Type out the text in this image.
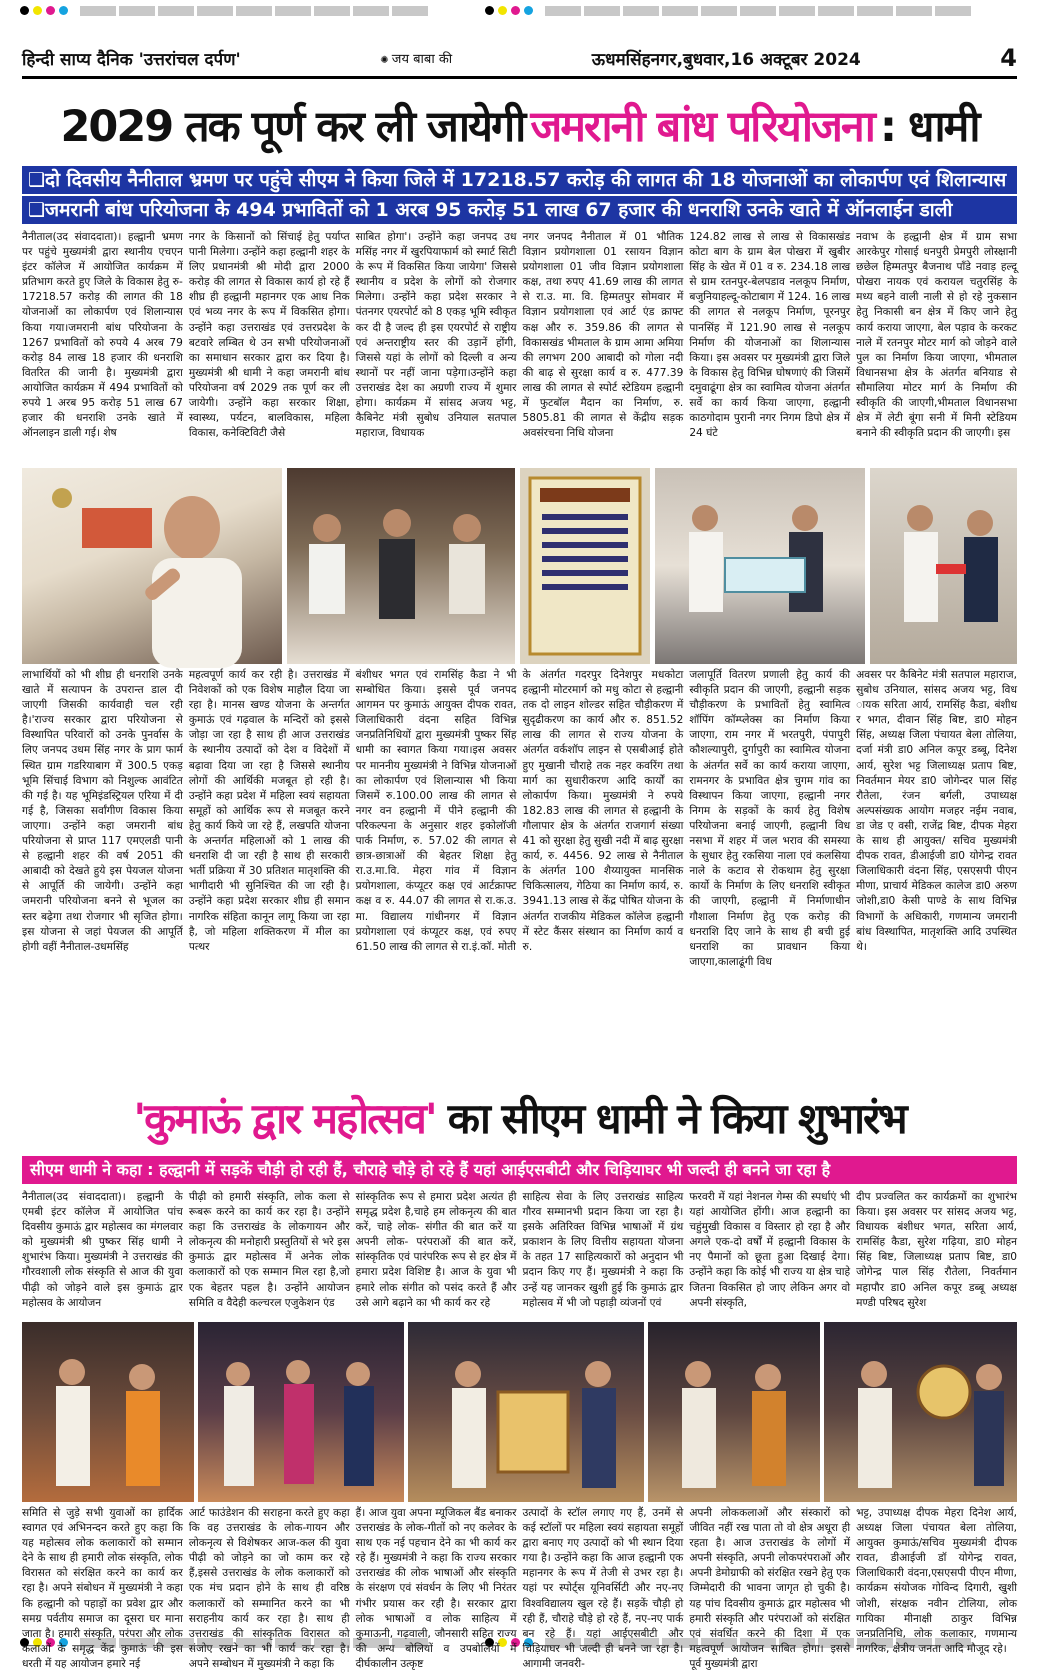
हिन्दी साप्य दैनिक 'उत्तरांचल दर्पण'	✺ जय बाबा की	ऊधमसिंहनगर,बुधवार,16 अक्टूबर 2024	4
2029 तक पूर्ण कर ली जायेगी जमरानी बांध परियोजना : धामी
❑दो दिवसीय नैनीताल भ्रमण पर पहुंचे सीएम ने किया जिले में 17218.57 करोड़ की लागत की 18 योजनाओं का लोकार्पण एवं शिलान्यास
❑जमरानी बांध परियोजना के 494 प्रभावितों को 1 अरब 95 करोड़ 51 लाख 67 हजार की धनराशि उनके खाते में ऑनलाईन डाली
नैनीताल(उद संवाददाता)। हल्द्वानी भ्रमण पर पहुंचे मुख्यमंत्री द्वारा स्थानीय एचएन इंटर कॉलेज में आयोजित कार्यक्रम में प्रतिभाग करते हुए जिले के विकास हेतु रु- 17218.57 करोड़ की लागत की 18 योजनाओं का लोकार्पण एवं शिलान्यास किया गया।जमरानी बांध परियोजना के 1267 प्रभावितों को रुपये 4 अरब 79 करोड़ 84 लाख 18 हजार की धनराशि वितरित की जानी है। मुख्यमंत्री द्वारा आयोजित कार्यक्रम में 494 प्रभावितों को रुपये 1 अरब 95 करोड़ 51 लाख 67 हजार की धनराशि उनके खाते में ऑनलाइन डाली गई। शेष
नगर के किसानों को सिंचाई हेतु पर्याप्त पानी मिलेगा। उन्होंने कहा हल्द्वानी शहर के लिए प्रधानमंत्री श्री मोदी द्वारा 2000 करोड़ की लागत से विकास कार्य हो रहे हैं शीघ्र ही हल्द्वानी महानगर एक आध निक एवं भव्य नगर के रूप में विकसित होगा। उन्होंने कहा उत्तराखंड एवं उत्तरप्रदेश के बटवारे लम्बित थे उन सभी परियोजनाओं का समाधान सरकार द्वारा कर दिया है। मुख्यमंत्री श्री धामी ने कहा जमरानी बांध परियोजना वर्ष 2029 तक पूर्ण कर ली जायेगी। उन्होंने कहा सरकार शिक्षा, स्वास्थ्य, पर्यटन, बालविकास, महिला विकास, कनेक्टिविटी जैसे
साबित होगा'। उन्होंने कहा जनपद उध मसिंह नगर में खुरपियाफार्म को स्मार्ट सिटी के रूप में विकसित किया जायेगा' जिससे स्थानीय व प्रदेश के लोगों को रोजगार मिलेगा। उन्होंने कहा प्रदेश सरकार ने पंतनगर एयरपोर्ट को 8 एकड़ भूमि स्वीकृत कर दी है जल्द ही इस एयरपोर्ट से राष्ट्रीय एवं अन्तराष्ट्रीय स्तर की उड़ानें होंगी, जिससे यहां के लोगों को दिल्ली व अन्य स्थानों पर नहीं जाना पड़ेगा।उन्होंने कहा उत्तराखंड देश का अग्रणी राज्य में शुमार होगा। कार्यक्रम में सांसद अजय भट्ट, कैबिनेट मंत्री सुबोध उनियाल सतपाल महाराज, विधायक
नगर जनपद नैनीताल में 01 भौतिक विज्ञान प्रयोगशाला 01 रसायन विज्ञान प्रयोगशाला 01 जीव विज्ञान प्रयोगशाला कक्ष, तथा रुपए 41.69 लाख की लागत से रा.उ. मा. वि. हिम्मतपुर सोमवार में विज्ञान प्रयोगशाला एवं आर्ट एंड क्राफ्ट कक्ष और रु. 359.86 की लागत से विकासखंड भीमताल के ग्राम आमा अमिया की लगभग 200 आबादी को गोला नदी की बाढ़ से सुरक्षा कार्य व रु. 477.39 लाख की लागत से स्पोर्ट स्टेडियम हल्द्वानी में फुटबॉल मैदान का निर्माण, रु. 5805.81 की लागत से केंद्रीय सड़क अवसंरचना निधि योजना
124.82 लाख से लाख से विकासखंड कोटा बाग के ग्राम बेल पोखरा में खुबीर सिंह के खेत में 01 व रु. 234.18 लाख से ग्राम रतनपुर-बेलपडाव नलकूप निर्माण, बजुनियाहल्दू-कोटाबाग में 124. 16 लाख की लागत से नलकूप निर्माण, पूरनपुर पानसिंह में 121.90 लाख से नलकूप निर्माण की योजनाओं का शिलान्यास किया। इस अवसर पर मुख्यमंत्री द्वारा जिले के विकास हेतु विभिन्न घोषणाएं की जिसमें दमुवाढूंगा क्षेत्र का स्वामित्व योजना अंतर्गत सर्वे का कार्य किया जाएगा, हल्द्वानी काठगोदाम पुरानी नगर निगम डिपो क्षेत्र में 24 घंटे
नवाभ के हल्द्वानी क्षेत्र में ग्राम सभा आरकेपुर गोसाई धनपुरी प्रेमपुरी लोस्क्षानी छछेल हिम्मतपुर बैजनाथ पाँडे नवाड़ हल्दू पोखरा नायक एवं करायल चतुरसिंह के मध्य बहने वाली नाली से हो रहे नुकसान हेतु निकासी बन क्षेत्र में किए जाने हेतु कार्य कराया जाएगा, बेल पड़ाव के करकट नाले में रतनपुर मोटर मार्ग को जोड़ने वाले पुल का निर्माण किया जाएगा, भीमताल विधानसभा क्षेत्र के अंतर्गत बनियाड से सौमालिया मोटर मार्ग के निर्माण की स्वीकृति की जाएगी,भीमताल विधानसभा क्षेत्र में लेटी बूंगा सनी में मिनी स्टेडियम बनाने की स्वीकृति प्रदान की जाएगी। इस
लाभार्थियों को भी शीघ्र ही धनराशि उनके खाते में सत्यापन के उपरान्त डाल दी जाएगी जिसकी कार्यवाही चल रही है।'राज्य सरकार द्वारा परियोजना से विस्थापित परिवारों को उनके पुनर्वास के लिए जनपद उधम सिंह नगर के प्राग फार्म स्थित ग्राम गडरियाबाग में 300.5 एकड़ भूमि सिंचाई विभाग को निशुल्क आवंटित की गई है। यह भूमिइंडस्ट्रियल एरिया में दी गई है, जिसका सर्वांगीण विकास किया जाएगा। उन्होंने कहा जमरानी बांध परियोजना से प्राप्त 117 एमएलडी पानी से हल्द्वानी शहर की वर्ष 2051 की आबादी को देखते हुये इस पेयजल योजना से आपूर्ति की जायेगी। उन्होंने कहा जमरानी परियोजना बनने से भूजल का स्तर बढ़ेगा तथा रोजगार भी सृजित होगा। इस योजना से जहां पेयजल की आपूर्ति होगी वहीं नैनीताल-उधमसिंह
महत्वपूर्ण कार्य कर रही है। उत्तराखंड में निवेशकों को एक विशेष माहौल दिया जा रहा है। मानस खण्ड योजना के अन्तर्गत कुमाऊं एवं गढ़वाल के मन्दिरों को इससे जोड़ा जा रहा है साथ ही आज उत्तराखंड के स्थानीय उत्पादों को देश व विदेशों में बढ़ावा दिया जा रहा है जिससे स्थानीय लोगों की आर्थिकी मजबूत हो रही है। उन्होंने कहा प्रदेश में महिला स्वयं सहायता समूहों को आर्थिक रूप से मजबूत करने हेतु कार्य किये जा रहे हैं, लखपति योजना के अन्तर्गत महिलाओं को 1 लाख की धनराशि दी जा रही है साथ ही सरकारी भर्ती प्रक्रिया में 30 प्रतिशत मातृशक्ति की भागीदारी भी सुनिश्चित की जा रही है। उन्होंने कहा प्रदेश सरकार शीघ्र ही समान नागरिक संहिता कानून लागू किया जा रहा है, जो महिला शक्तिकरण में मील का पत्थर
बंशीधर भगत एवं रामसिंह कैडा ने भी सम्बोधित किया। इससे पूर्व जनपद आगमन पर कुमाऊं आयुक्त दीपक रावत, जिलाधिकारी वंदना सहित विभिन्न जनप्रतिनिधियों द्वारा मुख्यमंत्री पुष्कर सिंह धामी का स्वागत किया गया।इस अवसर पर माननीय मुख्यमंत्री ने विभिन्न योजनाओं का लोकार्पण एवं शिलान्यास भी किया जिसमें रु.100.00 लाख की लागत से नगर वन हल्द्वानी में पीने हल्द्वानी की परिकल्पना के अनुसार शहर इकोलॉजी पार्क निर्माण, रु. 57.02 की लागत से छात्र-छात्राओं की बेहतर शिक्षा हेतु रा.उ.मा.वि. मेहरा गांव में विज्ञान प्रयोगशाला, कंप्यूटर कक्ष एवं आर्टक्राफ्ट कक्ष व रु. 44.07 की लागत से रा.क.उ. मा. विद्यालय गांधीनगर में विज्ञान प्रयोगशाला एवं कंप्यूटर कक्ष, एवं रुपए 61.50 लाख की लागत से रा.इं.कॉ. मोती
के अंतर्गत गदरपुर दिनेशपुर मधकोटा हल्द्वानी मोटरमार्ग को मधु कोटा से हल्द्वानी तक दो लाइन शोल्डर सहित चौड़ीकरण में सुदृढीकरण का कार्य और रु. 851.52 लाख की लागत से राज्य योजना के अंतर्गत वर्कशॉप लाइन से एसबीआई होते हुए मुखानी चौराहे तक नहर कवरिंग तथा मार्ग का सुधारीकरण आदि कार्यों का लोकार्पण किया। मुख्यमंत्री ने रुपये 182.83 लाख की लागत से हल्द्वानी के गौलापार क्षेत्र के अंतर्गत राजगार्ग संख्या 41 को सुरक्षा हेतु सुखी नदी में बाढ़ सुरक्षा कार्य, रु. 4456. 92 लाख से नैनीताल के अंतर्गत 100 शैय्यायुक्त मानसिक चिकित्सालय, गेठिया का निर्माण कार्य, रु. 3941.13 लाख से केंद्र पोषित योजना के अंतर्गत राजकीय मेडिकल कॉलेज हल्द्वानी में स्टेट कैंसर संस्थान का निर्माण कार्य व रु.
जलापूर्ति वितरण प्रणाली हेतु कार्य की स्वीकृति प्रदान की जाएगी, हल्द्वानी सड़क चौड़ीकरण के प्रभावितों हेतु स्वामित्व शॉपिंग कॉम्प्लेक्स का निर्माण किया जाएगा, राम नगर में भरतपुरी, पंपापुरी कौशल्यापुरी, दुर्गापुरी का स्वामित्व योजना के अंतर्गत सर्वे का कार्य कराया जाएगा, रामनगर के प्रभावित क्षेत्र चुगम गांव का विस्थापन किया जाएगा, हल्द्वानी नगर निगम के सड़कों के कार्य हेतु विशेष परियोजना बनाई जाएगी, हल्द्वानी विध नसभा में शहर में जल भराव की समस्या के सुधार हेतु रकसिया नाला एवं कलसिया नाले के कटाव से रोकथाम हेतु सुरक्षा कार्यो के निर्माण के लिए धनराशि स्वीकृत की जाएगी, हल्द्वानी में निर्माणाधीन गौशाला निर्माण हेतु एक करोड़ की धनराशि दिए जाने के साथ ही बची हुई धनराशि का प्रावधान किया जाएगा,कालाढूंगी विध
अवसर पर कैबिनेट मंत्री सतपाल महाराज, सुबोध उनियाल, सांसद अजय भट्ट, विध ायक सरिता आर्य, रामसिंह कैडा, बंशीध र भगत, दीवान सिंह बिष्ट, डा0 मोहन सिंह, अध्यक्ष जिला पंचायत बेला तोलिया, दर्जा मंत्री डा0 अनिल कपूर डब्बू, दिनेश आर्य, सुरेश भट्ट जिलाध्यक्ष प्रताप बिष्ट, निवर्तमान मेयर डा0 जोगेन्दर पाल सिंह रौतेला, रंजन बर्गली, उपाध्यक्ष अल्पसंख्यक आयोग मजहर नईम नवाब, डा जेड ए वसी, राजेंद्र बिष्ट, दीपक मेहरा के साथ ही आयुक्त/ सचिव मुख्यमंत्री दीपक रावत, डीआईजी डा0 योगेन्द्र रावत जिलाधिकारी वंदना सिंह, एसएसपी पीएन मीणा, प्राचार्य मेडिकल कालेज डा0 अरुण जोशी,डा0 केसी पाण्डे के साथ विभिन्न विभागों के अधिकारी, गणमान्य जमरानी बांध विस्थापित, मातृशक्ति आदि उपस्थित थे।
'कुमाऊं द्वार महोत्सव' का सीएम धामी ने किया शुभारंभ
सीएम धामी ने कहा : हल्द्वानी में सड़कें चौड़ी हो रही हैं, चौराहे चौड़े हो रहे हैं यहां आईएसबीटी और चिड़ियाघर भी जल्दी ही बनने जा रहा है
नैनीताल(उद संवाददाता)। हल्द्वानी के एमबी इंटर कॉलेज में आयोजित पांच दिवसीय कुमाऊं द्वार महोत्सव का मंगलवार को मुख्यमंत्री श्री पुष्कर सिंह धामी ने शुभारंभ किया। मुख्यमंत्री ने उत्तराखंड की गौरवशाली लोक संस्कृति से आज की युवा पीढ़ी को जोड़ने वाले इस कुमाऊं द्वार महोत्सव के आयोजन
पीढ़ी को हमारी संस्कृति, लोक कला से रूबरू करने का कार्य कर रहा है। उन्होंने कहा कि उत्तराखंड के लोकगायन और लोकनृत्य की मनोहारी प्रस्तुतियों से भरे इस कुमाऊं द्वार महोत्सव में अनेक लोक कलाकारों को एक सम्मान मिल रहा है,जो एक बेहतर पहल है। उन्होंने आयोजन समिति व वैदेही कल्चरल एजुकेशन एंड
सांस्कृतिक रूप से हमारा प्रदेश अत्यंत ही समृद्ध प्रदेश है,चाहे हम लोकनृत्य की बात करें, चाहे लोक- संगीत की बात करें या अपनी लोक- परंपराओं की बात करें, सांस्कृतिक एवं पारंपरिक रूप से हर क्षेत्र में हमारा प्रदेश विशिष्ट है। आज के युवा भी हमारे लोक संगीत को पसंद करते हैं और उसे आगे बढ़ाने का भी कार्य कर रहे
साहित्य सेवा के लिए उत्तराखंड साहित्य गौरव सम्मानभी प्रदान किया जा रहा है। इसके अतिरिक्त विभिन्न भाषाओं में ग्रंथ प्रकाशन के लिए वित्तीय सहायता योजना के तहत 17 साहित्यकारों को अनुदान भी प्रदान किए गए हैं। मुख्यमंत्री ने कहा कि उन्हें यह जानकर खुशी हुई कि कुमाऊं द्वार महोत्सव में भी जो पहाड़ी व्यंजनों एवं
फरवरी में यहां नेशनल गेम्स की स्पर्धाएं भी यहां आयोजित होंगी। आज हल्द्वानी का चहुंमुखी विकास व विस्तार हो रहा है और अगले एक-दो वर्षों में हल्द्वानी विकास के नए पैमानों को छूता हुआ दिखाई देगा। उन्होंने कहा कि कोई भी राज्य या क्षेत्र चाहे जितना विकसित हो जाए लेकिन अगर वो अपनी संस्कृति,
दीप प्रज्वलित कर कार्यक्रमों का शुभारंभ किया। इस अवसर पर सांसद अजय भट्ट, विधायक बंशीधर भगत, सरिता आर्य, रामसिंह कैडा, सुरेश गढ़िया, डा0 मोहन सिंह बिष्ट, जिलाध्यक्ष प्रताप बिष्ट, डा0 जोगेन्द्र पाल सिंह रौतेला, निवर्तमान महापौर डा0 अनिल कपूर डब्बू अध्यक्ष मण्डी परिषद सुरेश
समिति से जुड़े सभी युवाओं का हार्दिक स्वागत एवं अभिनन्दन करते हुए कहा कि यह महोत्सव लोक कलाकारों को सम्मान देने के साथ ही हमारी लोक संस्कृति, लोक विरासत को संरक्षित करने का कार्य कर रहा है। अपने संबोधन में मुख्यमंत्री ने कहा कि हल्द्वानी को पहाड़ों का प्रवेश द्वार और समग्र पर्वतीय समाज का दूसरा घर माना जाता है। हमारी संस्कृति, परंपरा और लोक कलाओं के समृद्ध केंद्र कुमाऊं की इस धरती में यह आयोजन हमारे नई
आर्ट फाउंडेशन की सराहना करते हुए कहा कि वह उत्तराखंड के लोक-गायन और लोकनृत्य से विशेषकर आज-कल की युवा पीढ़ी को जोड़ने का जो काम कर रहे हैं,इससे उत्तराखंड के लोक कलाकारों को एक मंच प्रदान होने के साथ ही वरिष्ठ कलाकारों को सम्मानित करने का भी सराहनीय कार्य कर रहा है। साथ ही उत्तराखंड की सांस्कृतिक विरासत को संजोए रखने का भी कार्य कर रहा है। अपने सम्बोधन में मुख्यमंत्री ने कहा कि
हैं। आज युवा अपना म्यूजिकल बैंड बनाकर उत्तराखंड के लोक-गीतों को नए कलेवर के साथ एक नई पहचान देने का भी कार्य कर रहे हैं। मुख्यमंत्री ने कहा कि राज्य सरकार उत्तराखंड की लोक भाषाओं और संस्कृति के संरक्षण एवं संवर्धन के लिए भी निरंतर गंभीर प्रयास कर रही है। सरकार द्वारा लोक भाषाओं व लोक साहित्य में कुमाऊनी, गढ़वाली, जौनसारी सहित राज्य की अन्य बोलियों व उपबोलियों में दीर्घकालीन उत्कृष्ट
उत्पादों के स्टॉल लगाए गए हैं, उनमें से कई स्टॉलों पर महिला स्वयं सहायता समूहों द्वारा बनाए गए उत्पादों को भी स्थान दिया गया है। उन्होंने कहा कि आज हल्द्वानी एक महानगर के रूप में तेजी से उभर रहा है। यहां पर स्पोर्ट्स यूनिवर्सिटी और नए-नए विश्वविद्यालय खुल रहे हैं। सड़कें चौड़ी हो रही हैं, चौराहे चौड़े हो रहे हैं, नए-नए पार्क बन रहे हैं। यहां आईएसबीटी और चिड़ियाघर भी जल्दी ही बनने जा रहा है। आगामी जनवरी-
अपनी लोककलाओं और संस्कारों को जीवित नहीं रख पाता तो वो क्षेत्र अधूरा ही रहता है। आज उत्तराखंड के लोगों में अपनी संस्कृति, अपनी लोकपरंपराओं और अपनी डेमोग्राफी को संरक्षित रखने हेतु एक जिम्मेदारी की भावना जागृत हो चुकी है। यह पांच दिवसीय कुमाऊं द्वार महोत्सव भी हमारी संस्कृति और परंपराओं को संरक्षित एवं संवर्धित करने की दिशा में एक महत्वपूर्ण आयोजन साबित होगा। इससे पूर्व मुख्यमंत्री द्वारा
भट्ट, उपाध्यक्ष दीपक मेहरा दिनेश आर्य, अध्यक्ष जिला पंचायत बेला तोलिया, आयुक्त कुमाऊं/सचिव मुख्यमंत्री दीपक रावत, डीआईजी डॉ योगेन्द्र रावत, जिलाधिकारी वंदना,एसएसपी पीएन मीणा, कार्यक्रम संयोजक गोविन्द दिगारी, खुशी जोशी, संरक्षक नवीन टोलिया, लोक गायिका मीनाक्षी ठाकुर विभिन्न जनप्रतिनिधि, लोक कलाकार, गणमान्य नागरिक, क्षेत्रीय जनता आदि मौजूद रहे।
